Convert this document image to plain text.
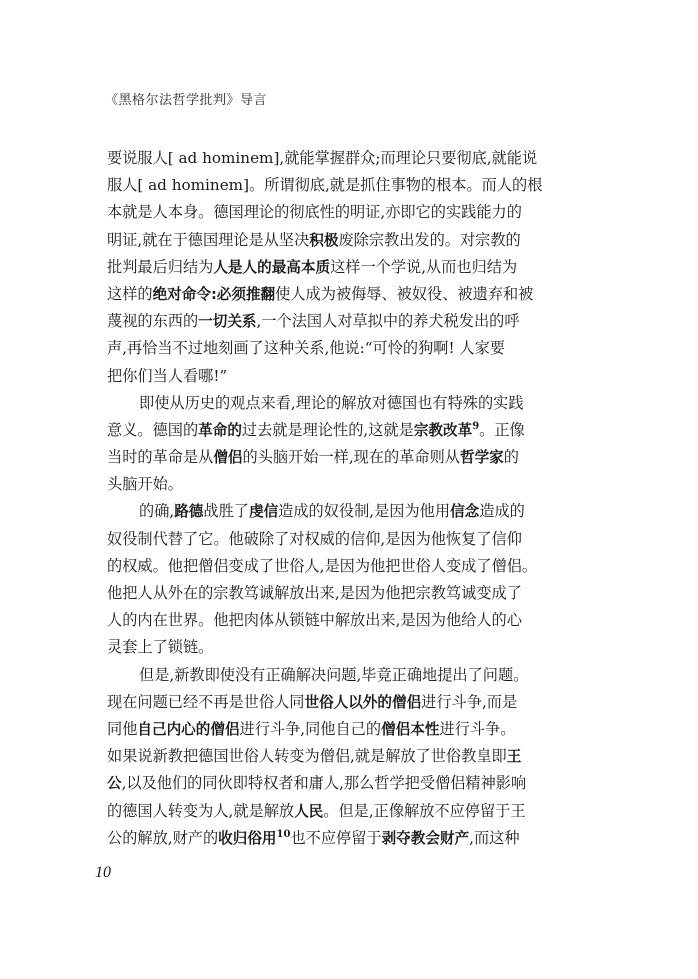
《黑格尔法哲学批判》导言
要说服人[ ad hominem],就能掌握群众;而理论只要彻底,就能说
服人[ ad hominem]。所谓彻底,就是抓住事物的根本。而人的根
本就是人本身。德国理论的彻底性的明证,亦即它的实践能力的
明证,就在于德国理论是从坚决积极废除宗教出发的。对宗教的
批判最后归结为人是人的最高本质这样一个学说,从而也归结为
这样的绝对命令:必须推翻使人成为被侮辱、被奴役、被遗弃和被
蔑视的东西的一切关系,一个法国人对草拟中的养犬税发出的呼
声,再恰当不过地刻画了这种关系,他说:“可怜的狗啊! 人家要
把你们当人看哪!”
即使从历史的观点来看,理论的解放对德国也有特殊的实践
意义。德国的革命的过去就是理论性的,这就是宗教改革$^9$。正像
当时的革命是从僧侣的头脑开始一样,现在的革命则从哲学家的
头脑开始。
的确,路德战胜了虔信造成的奴役制,是因为他用信念造成的
奴役制代替了它。他破除了对权威的信仰,是因为他恢复了信仰
的权威。他把僧侣变成了世俗人,是因为他把世俗人变成了僧侣。
他把人从外在的宗教笃诚解放出来,是因为他把宗教笃诚变成了
人的内在世界。他把肉体从锁链中解放出来,是因为他给人的心
灵套上了锁链。
但是,新教即使没有正确解决问题,毕竟正确地提出了问题。
现在问题已经不再是世俗人同世俗人以外的僧侣进行斗争,而是
同他自己内心的僧侣进行斗争,同他自己的僧侣本性进行斗争。
如果说新教把德国世俗人转变为僧侣,就是解放了世俗教皇即王
公,以及他们的同伙即特权者和庸人,那么哲学把受僧侣精神影响
的德国人转变为人,就是解放人民。但是,正像解放不应停留于王
公的解放,财产的收归俗用$^{10}$也不应停留于剥夺教会财产,而这种
10
